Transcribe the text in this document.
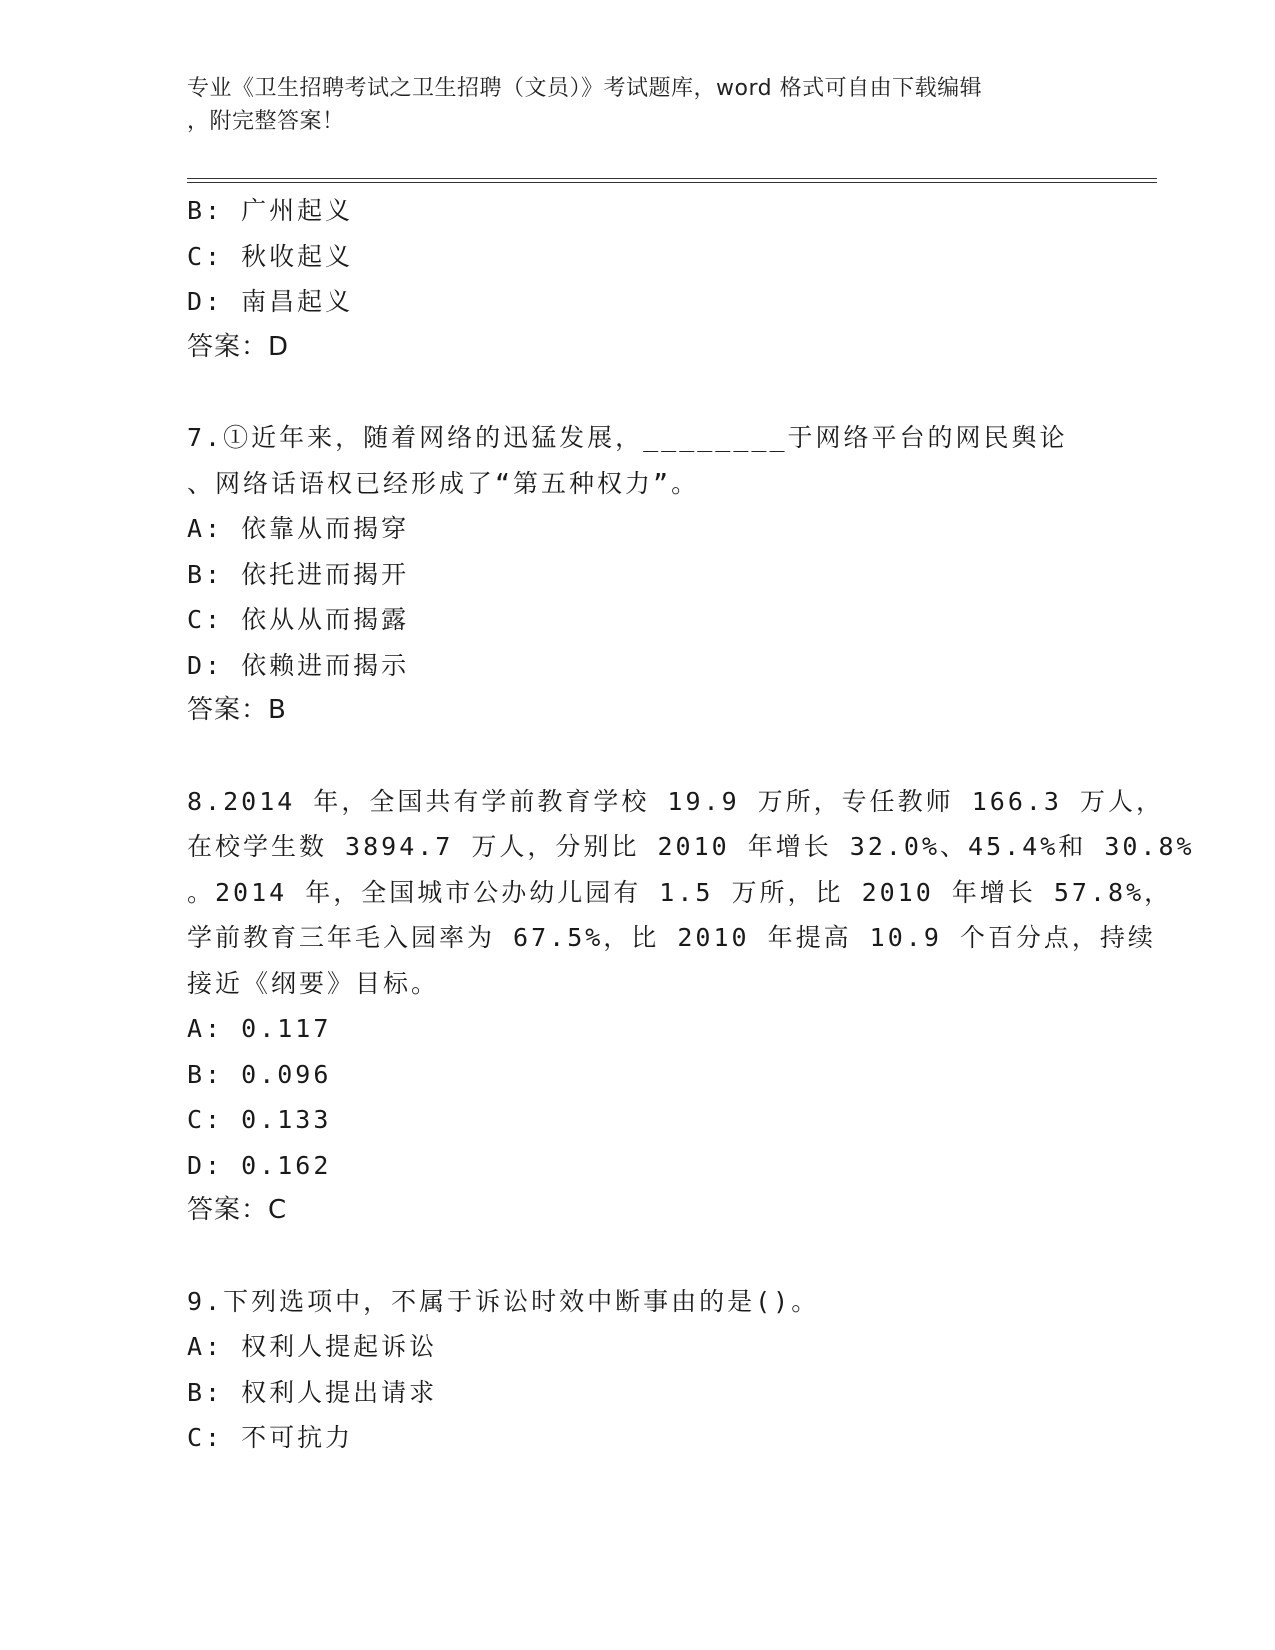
专业《卫生招聘考试之卫生招聘（文员）》考试题库，word 格式可自由下载编辑
，附完整答案！
B: 广州起义
C: 秋收起义
D: 南昌起义
答案：D
7.①近年来，随着网络的迅猛发展，________于网络平台的网民舆论
、网络话语权已经形成了“第五种权力”。
A: 依靠从而揭穿
B: 依托进而揭开
C: 依从从而揭露
D: 依赖进而揭示
答案：B
8.2014 年，全国共有学前教育学校 19.9 万所，专任教师 166.3 万人，
在校学生数 3894.7 万人，分别比 2010 年增长 32.0%、45.4%和 30.8%
。2014 年，全国城市公办幼儿园有 1.5 万所，比 2010 年增长 57.8%，
学前教育三年毛入园率为 67.5%，比 2010 年提高 10.9 个百分点，持续
接近《纲要》目标。
A: 0.117
B: 0.096
C: 0.133
D: 0.162
答案：C
9.下列选项中，不属于诉讼时效中断事由的是()。
A: 权利人提起诉讼
B: 权利人提出请求
C: 不可抗力
